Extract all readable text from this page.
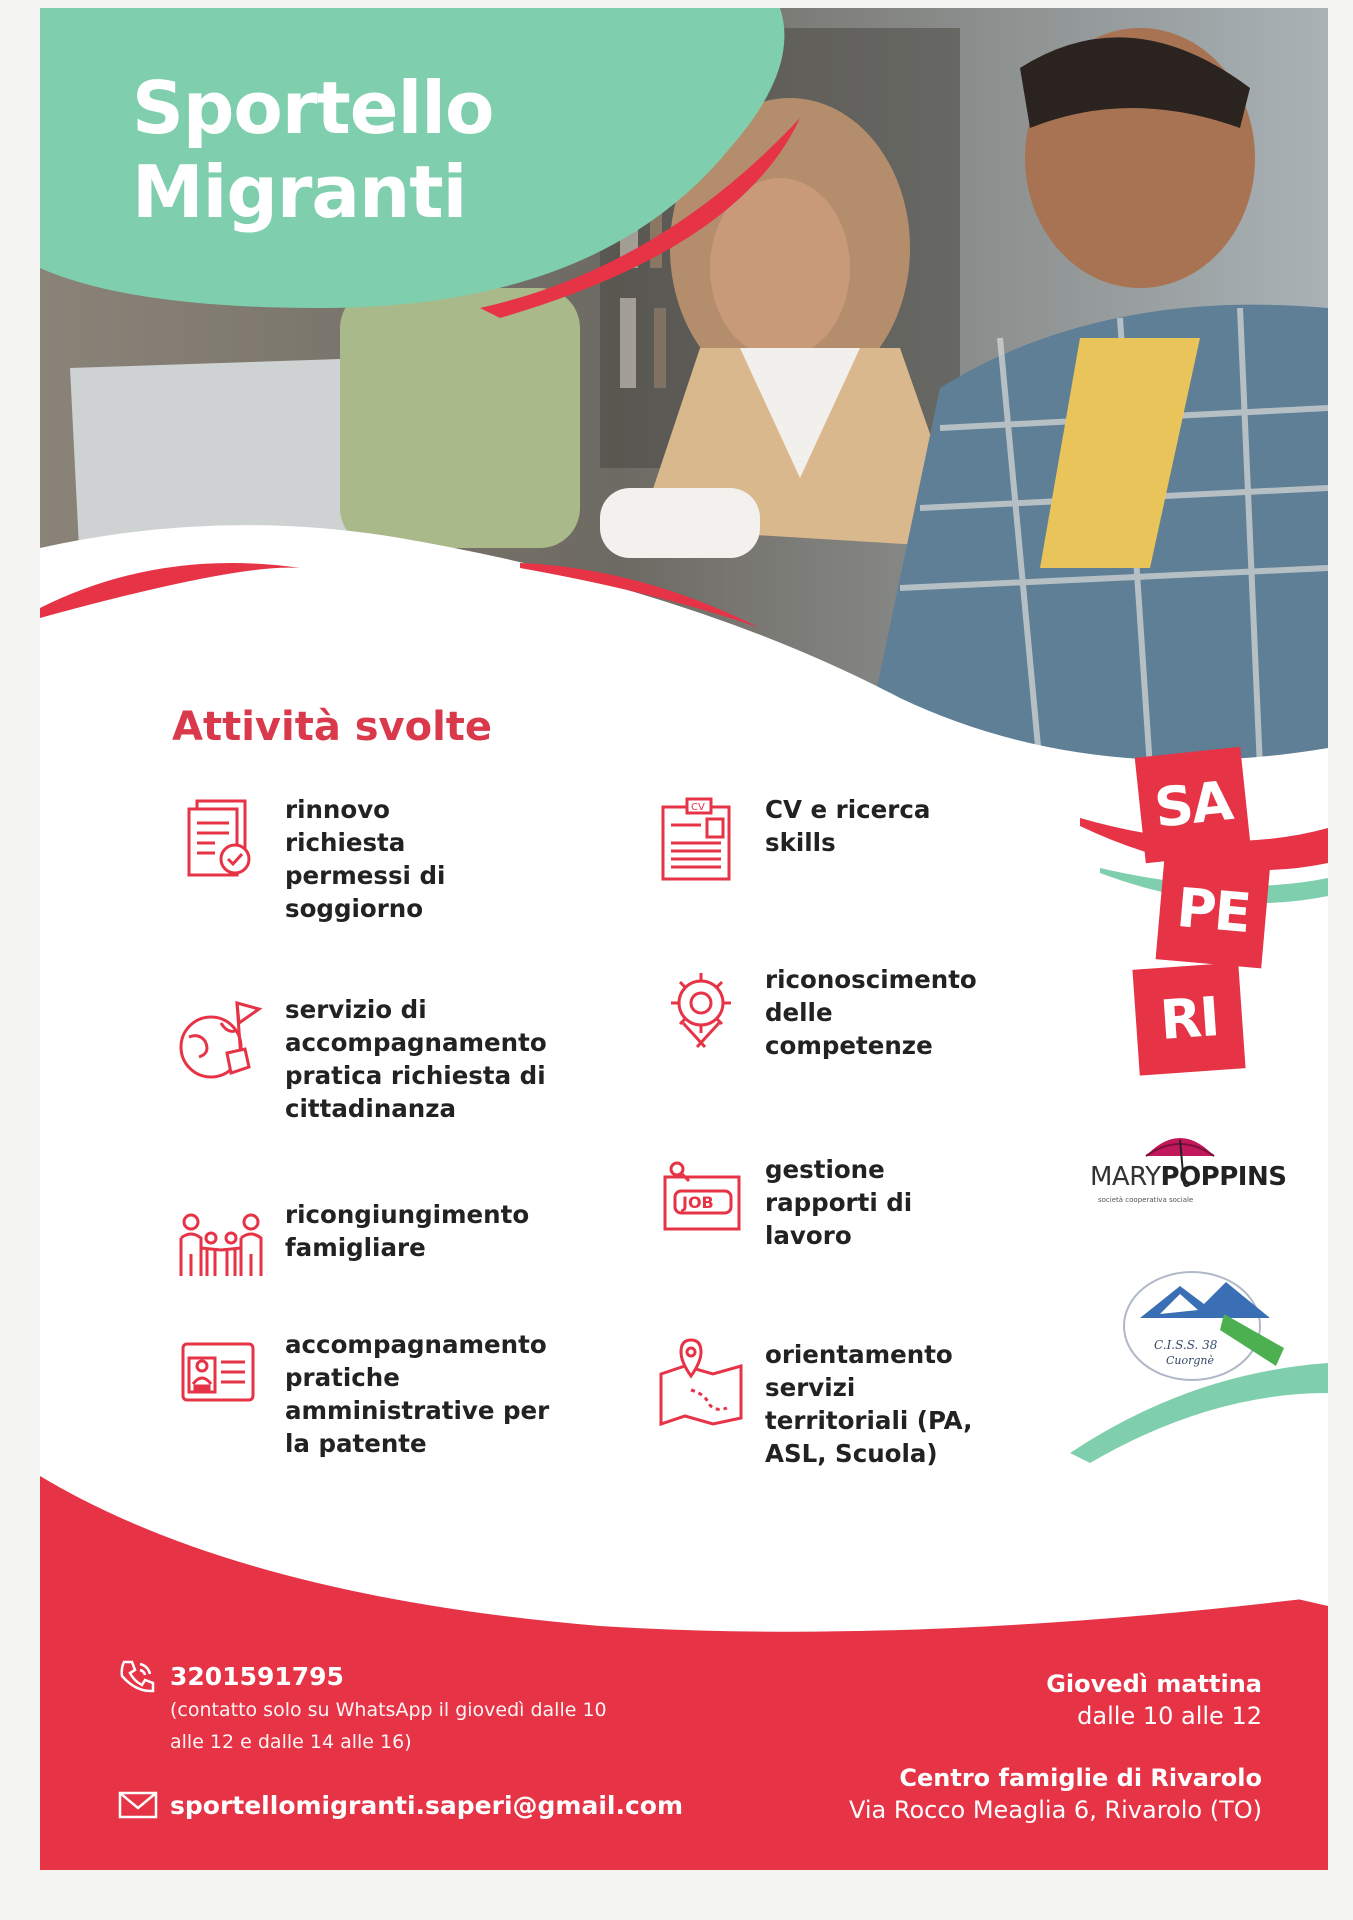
Sportello
Migranti
Attività svolte
rinnovo
richiesta
permessi di
soggiorno
servizio di
accompagnamento
pratica richiesta di
cittadinanza
ricongiungimento
famigliare
accompagnamento
pratiche
amministrative per
la patente
CV CV e ricerca
skills
riconoscimento
delle
competenze
JOB
gestione
rapporti di
lavoro
orientamento
servizi
territoriali (PA,
ASL, Scuola)
SA
PE
RI
MARYPOPPINS
società cooperativa sociale
C.I.S.S. 38
Cuorgnè
3201591795
(contatto solo su WhatsApp il giovedì dalle 10 alle 12 e dalle 14 alle 16)
sportellomigranti.saperi@gmail.com
Giovedì mattina
dalle 10 alle 12
Centro famiglie di Rivarolo
Via Rocco Meaglia 6, Rivarolo (TO)
